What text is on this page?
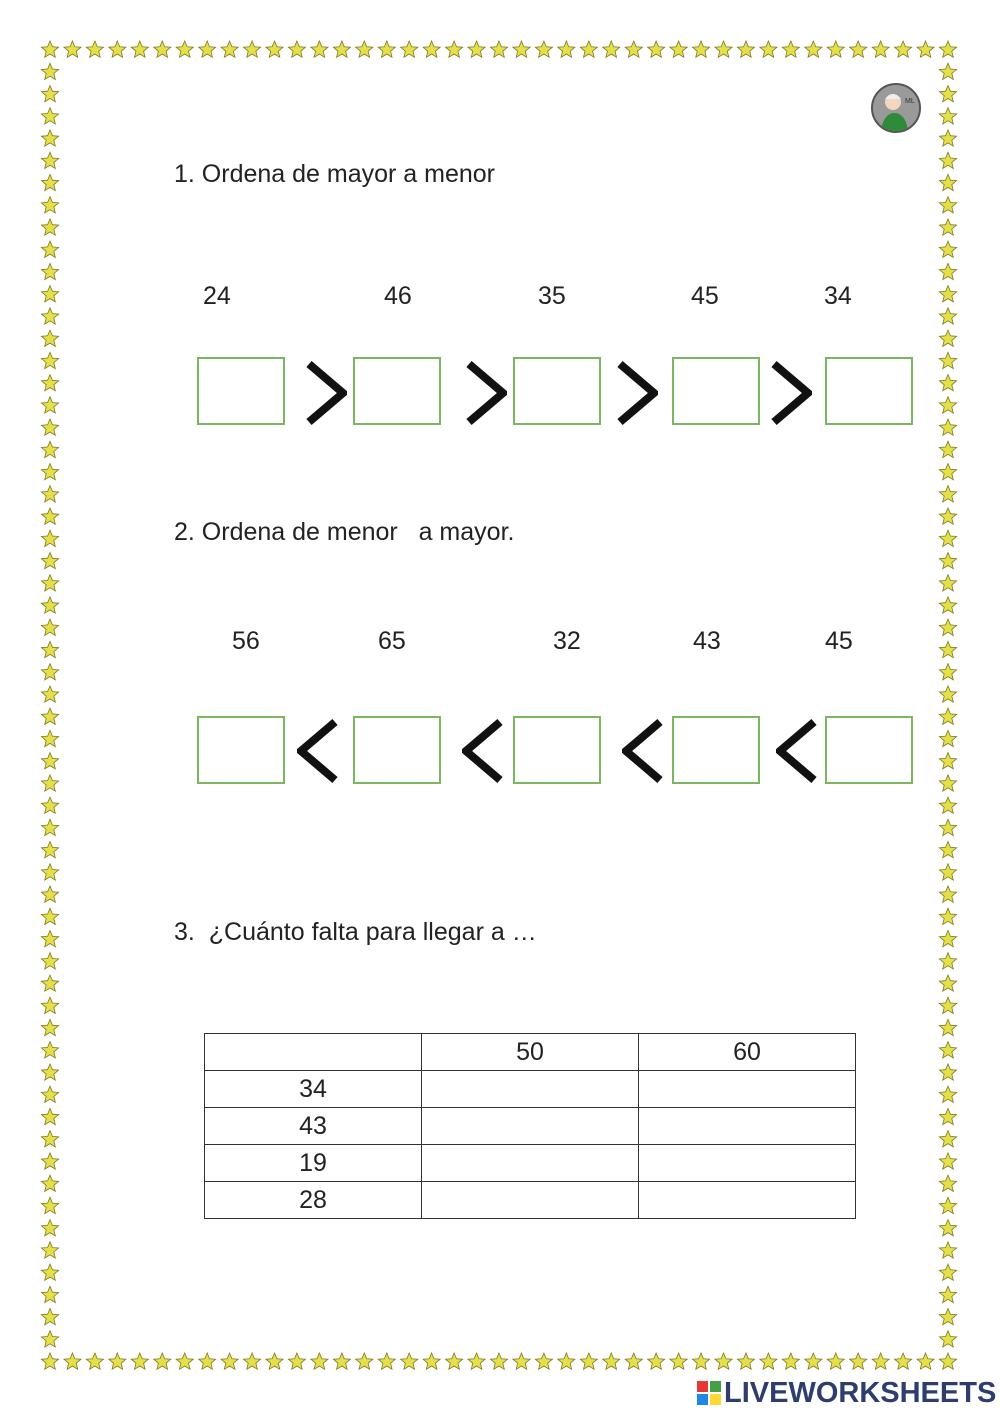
ML
1. Ordena de mayor a menor
24	46	35	45	34
2. Ordena de menor   a mayor.
56	65	32	43	45
3.  ¿Cuánto falta para llegar a …
	50	60
34		
43		
19		
28		
LIVEWORKSHEETS
